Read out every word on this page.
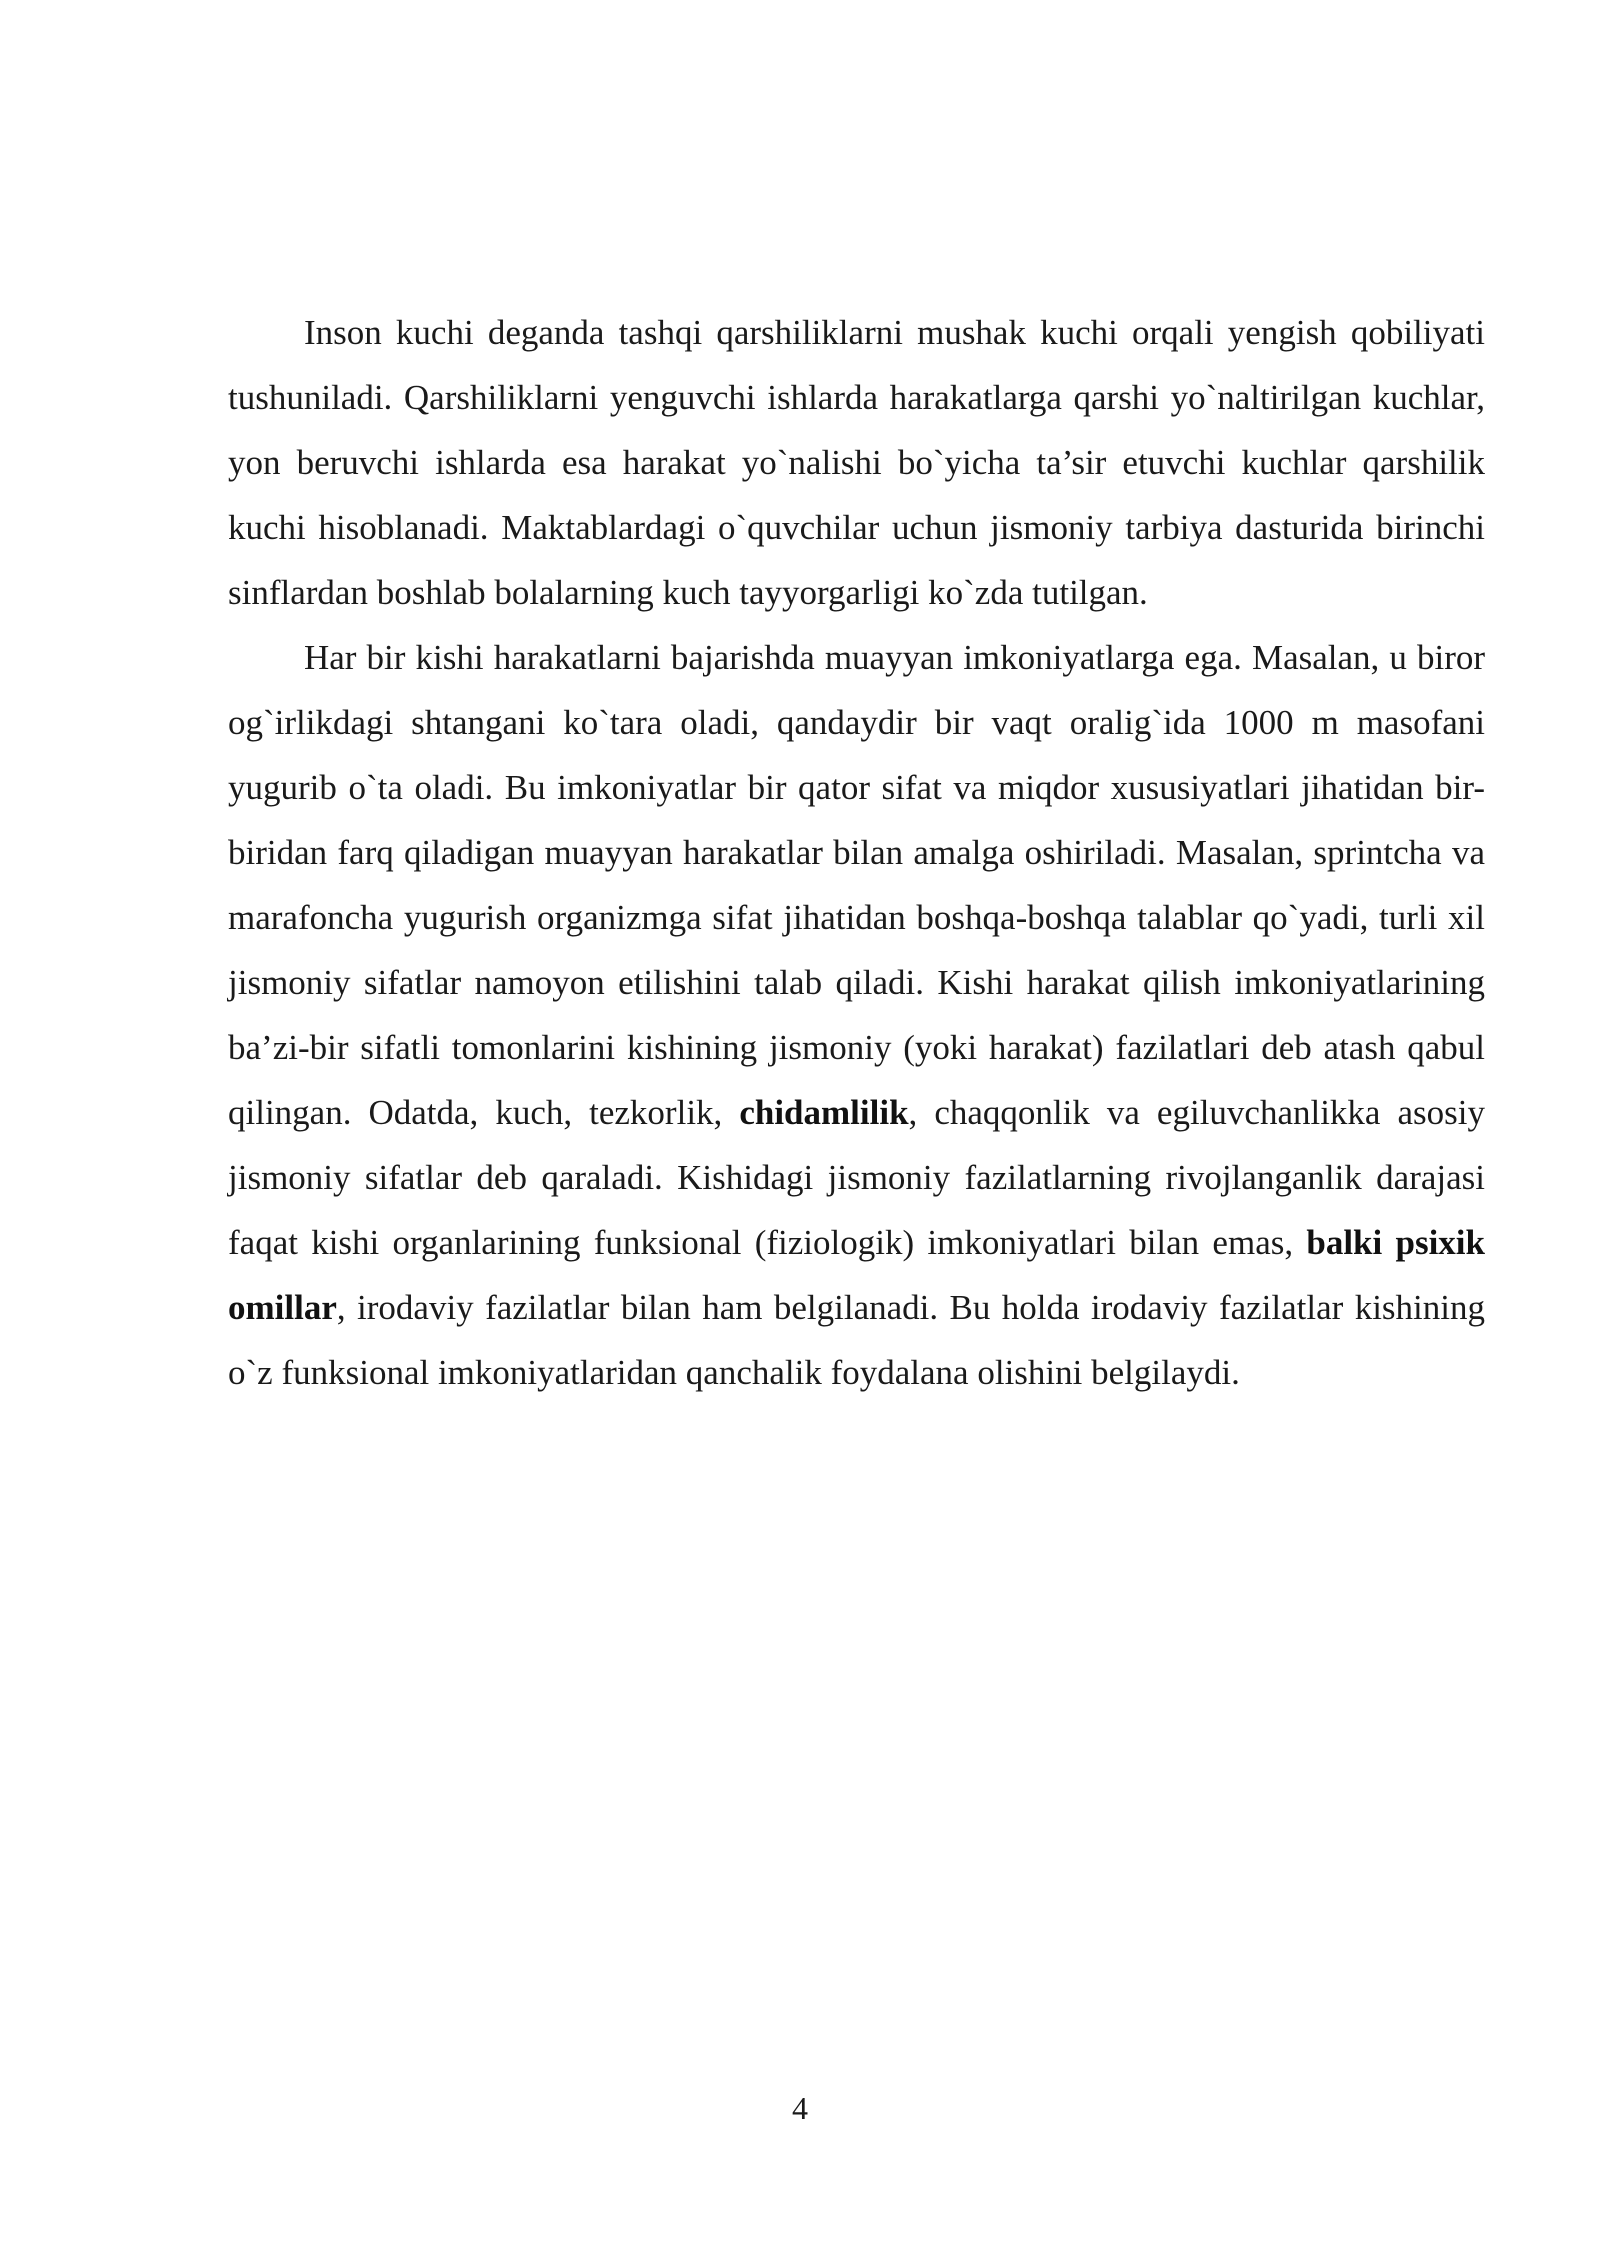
Inson kuchi deganda tashqi qarshiliklarni mushak kuchi orqali yengish qobiliyati tushuniladi. Qarshiliklarni yenguvchi ishlarda harakatlarga qarshi yo`naltirilgan kuchlar, yon beruvchi ishlarda esa harakat yo`nalishi bo`yicha ta’sir etuvchi kuchlar qarshilik kuchi hisoblanadi. Maktablardagi o`quvchilar uchun jismoniy tarbiya dasturida birinchi sinflardan boshlab bolalarning kuch tayyorgarligi ko`zda tutilgan.

Har bir kishi harakatlarni bajarishda muayyan imkoniyatlarga ega. Masalan, u biror og`irlikdagi shtangani ko`tara oladi, qandaydir bir vaqt oralig`ida 1000 m masofani yugurib o`ta oladi. Bu imkoniyatlar bir qator sifat va miqdor xususiyatlari jihatidan bir-biridan farq qiladigan muayyan harakatlar bilan amalga oshiriladi. Masalan, sprintcha va marafoncha yugurish organizmga sifat jihatidan boshqa-boshqa talablar qo`yadi, turli xil jismoniy sifatlar namoyon etilishini talab qiladi. Kishi harakat qilish imkoniyatlarining ba’zi-bir sifatli tomonlarini kishining jismoniy (yoki harakat) fazilatlari deb atash qabul qilingan. Odatda, kuch, tezkorlik, chidamlilik, chaqqonlik va egiluvchanlikka asosiy jismoniy sifatlar deb qaraladi. Kishidagi jismoniy fazilatlarning rivojlanganlik darajasi faqat kishi organlarining funksional (fiziologik) imkoniyatlari bilan emas, balki psixik omillar, irodaviy fazilatlar bilan ham belgilanadi. Bu holda irodaviy fazilatlar kishining o`z funksional imkoniyatlaridan qanchalik foydalana olishini belgilaydi.

4
